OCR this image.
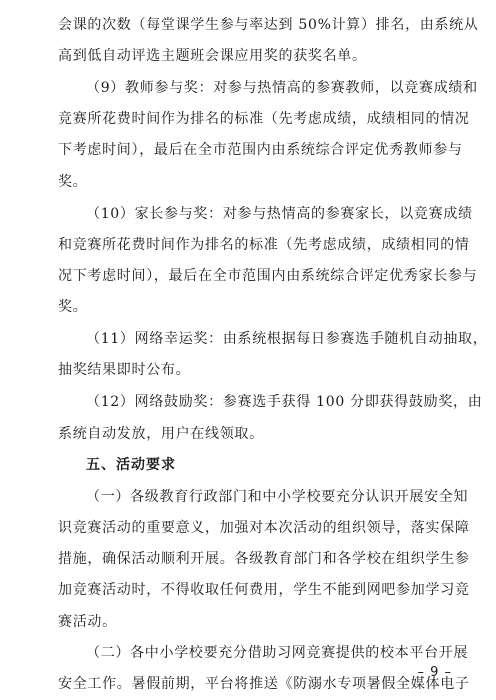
会课的次数（每堂课学生参与率达到 50%计算）排名，由系统从
高到低自动评选主题班会课应用奖的获奖名单。
（9）教师参与奖：对参与热情高的参赛教师，以竞赛成绩和
竞赛所花费时间作为排名的标准（先考虑成绩，成绩相同的情况
下考虑时间），最后在全市范围内由系统综合评定优秀教师参与
奖。
（10）家长参与奖：对参与热情高的参赛家长，以竞赛成绩
和竞赛所花费时间作为排名的标准（先考虑成绩，成绩相同的情
况下考虑时间），最后在全市范围内由系统综合评定优秀家长参与
奖。
（11）网络幸运奖：由系统根据每日参赛选手随机自动抽取，
抽奖结果即时公布。
（12）网络鼓励奖：参赛选手获得 100 分即获得鼓励奖，由
系统自动发放，用户在线领取。
五、活动要求
（一）各级教育行政部门和中小学校要充分认识开展安全知
识竞赛活动的重要意义，加强对本次活动的组织领导，落实保障
措施，确保活动顺利开展。各级教育部门和各学校在组织学生参
加竞赛活动时，不得收取任何费用，学生不能到网吧参加学习竞
赛活动。
（二）各中小学校要充分借助习网竞赛提供的校本平台开展
安全工作。暑假前期，平台将推送《防溺水专项暑假全媒体电子
– 9 –
